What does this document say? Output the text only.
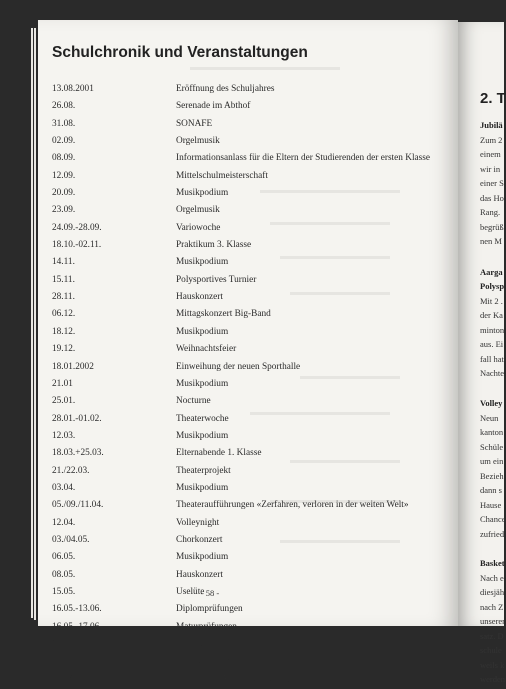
Schulchronik und Veranstaltungen
13.08.2001	Eröffnung des Schuljahres
26.08.	Serenade im Abthof
31.08.	SONAFE
02.09.	Orgelmusik
08.09.	Informationsanlass für die Eltern der Studierenden der ersten Klasse
12.09.	Mittelschulmeisterschaft
20.09.	Musikpodium
23.09.	Orgelmusik
24.09.-28.09.	Variowoche
18.10.-02.11.	Praktikum 3. Klasse
14.11.	Musikpodium
15.11.	Polysportives Turnier
28.11.	Hauskonzert
06.12.	Mittagskonzert Big-Band
18.12.	Musikpodium
19.12.	Weihnachtsfeier
18.01.2002	Einweihung der neuen Sporthalle
21.01	Musikpodium
25.01.	Nocturne
28.01.-01.02.	Theaterwoche
12.03.	Musikpodium
18.03.+25.03.	Elternabende 1. Klasse
21./22.03.	Theaterprojekt
03.04.	Musikpodium
05./09./11.04.	Theateraufführungen «Zerfahren, verloren in der weiten Welt»
12.04.	Volleynight
03./04.05.	Chorkonzert
06.05.	Musikpodium
08.05.	Hauskonzert
15.05.	Uselüte
16.05.-13.06.	Diplomprüfungen
16.05.-17.06.	Maturprüfungen
16.05.	Orgelmusik
31.05.	Kammermusik
03.06.-05.06.	Allgemeine Aufnahmeprüfungen
- 58 -
2. T
Jubilä
Zum 2
einem
wir in
einer S
das Ho
Rang.
begrüß
nen M
Aarga
Polysp
Mit 2 .
der Ka
minton
aus. Ei
fall hat
Nachte
Volley
Neun
kanton
Schüle
um ein
Bezieh
dann s
Hause
Chance
zufried
Basket
Nach e
diesjäh
nach Z
unserer
satz. D
schule
weils k
werden
